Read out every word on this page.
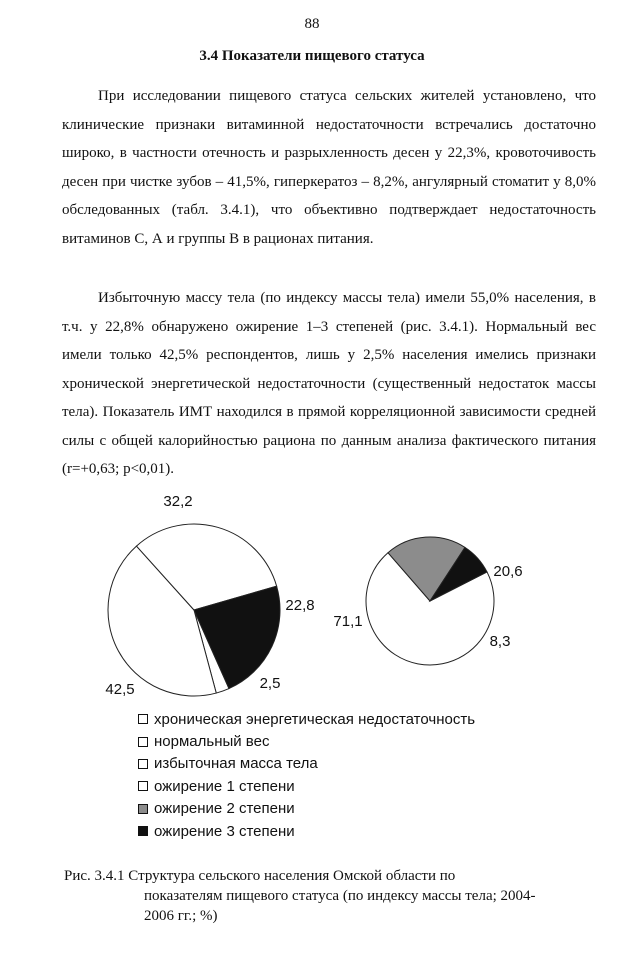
88
3.4 Показатели пищевого статуса

При исследовании пищевого статуса сельских жителей установлено, что клинические признаки витаминной недостаточности встречались достаточно широко, в частности отечность и разрыхленность десен у 22,3%, кровоточивость десен при чистке зубов – 41,5%, гиперкератоз – 8,2%, ангулярный стоматит у 8,0% обследованных (табл. 3.4.1), что объективно подтверждает недостаточность витаминов С, А и группы В в рационах питания.

Избыточную массу тела (по индексу массы тела) имели 55,0% населения, в т.ч. у 22,8% обнаружено ожирение 1–3 степеней (рис. 3.4.1). Нормальный вес имели только 42,5% респондентов, лишь у 2,5% населения имелись признаки хронической энергетической недостаточности (существенный недостаток массы тела). Показатель ИМТ находился в прямой корреляционной зависимости средней силы с общей калорийностью рациона по данным анализа фактического питания (r=+0,63; p<0,01).

2,5
42,5
32,2
22,8
71,1
20,6
8,3
хроническая энергетическая недостаточность
нормальный вес
избыточная масса тела
ожирение 1 степени
ожирение 2 степени
ожирение 3 степени
Рис. 3.4.1 Структура сельского населения Омской области по
показателям пищевого статуса (по индексу массы тела; 2004-2006 гг.; %)
